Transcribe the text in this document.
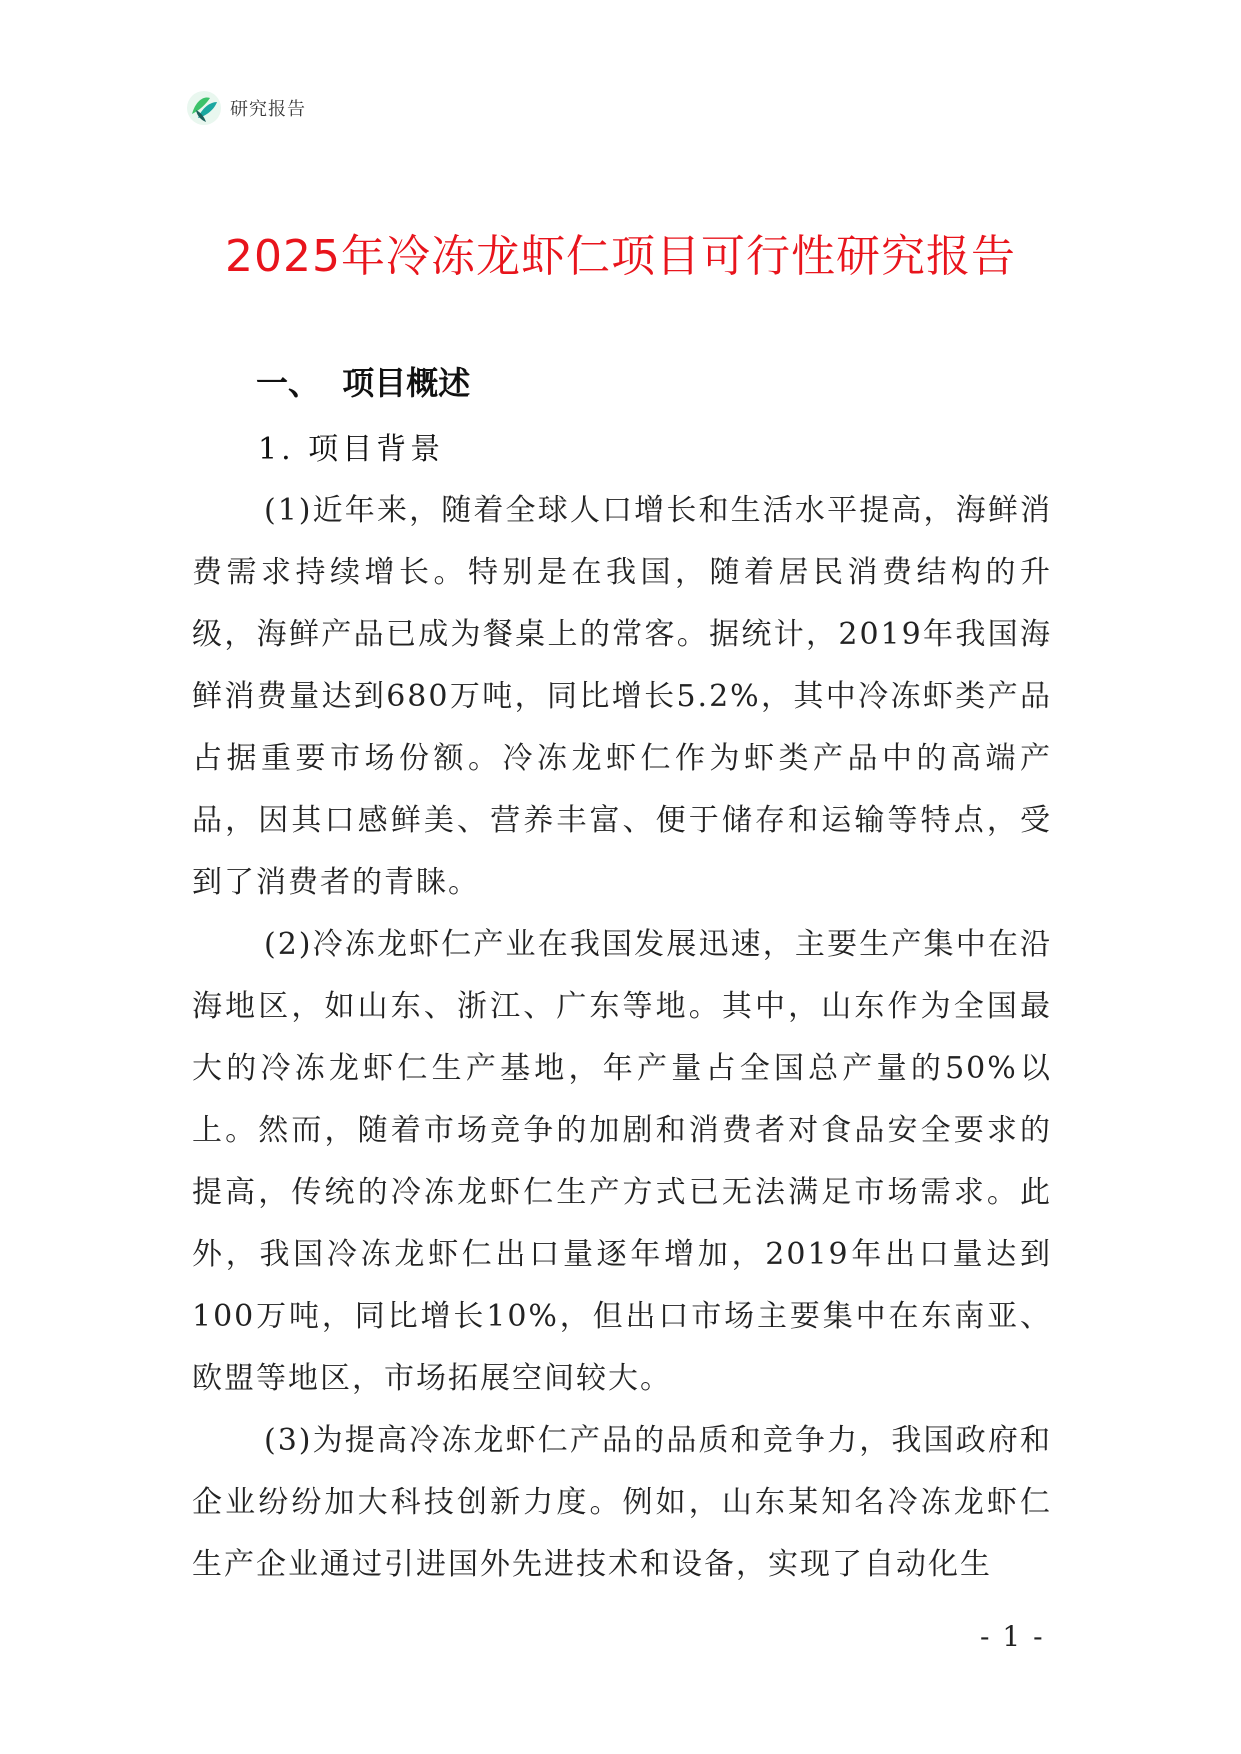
研究报告
2025年冷冻龙虾仁项目可行性研究报告
一、  项目概述
1. 项目背景

(1)近年来，随着全球人口增长和生活水平提高，海鲜消费需求持续增长。特别是在我国，随着居民消费结构的升级，海鲜产品已成为餐桌上的常客。据统计，2019年我国海鲜消费量达到680万吨，同比增长5.2%，其中冷冻虾类产品占据重要市场份额。冷冻龙虾仁作为虾类产品中的高端产品，因其口感鲜美、营养丰富、便于储存和运输等特点，受到了消费者的青睐。

(2)冷冻龙虾仁产业在我国发展迅速，主要生产集中在沿海地区，如山东、浙江、广东等地。其中，山东作为全国最大的冷冻龙虾仁生产基地，年产量占全国总产量的50%以上。然而，随着市场竞争的加剧和消费者对食品安全要求的提高，传统的冷冻龙虾仁生产方式已无法满足市场需求。此外，我国冷冻龙虾仁出口量逐年增加，2019年出口量达到100万吨，同比增长10%，但出口市场主要集中在东南亚、欧盟等地区，市场拓展空间较大。

(3)为提高冷冻龙虾仁产品的品质和竞争力，我国政府和企业纷纷加大科技创新力度。例如，山东某知名冷冻龙虾仁生产企业通过引进国外先进技术和设备，实现了自动化生

- 1 -
